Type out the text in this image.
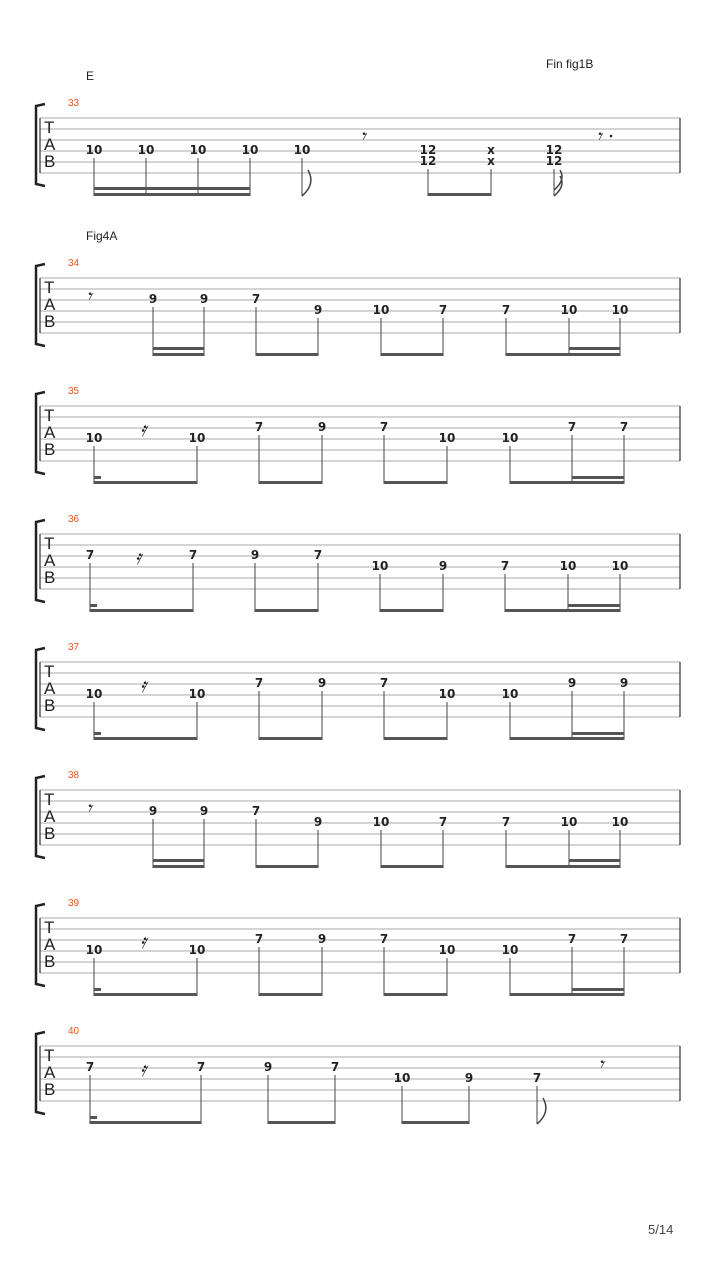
E
Fin fig1B
Fig4A
T
A
B
33
10	10	10	10	10	12
12
x
x
12
12
𝄾	𝄾
T
A
B
34
𝄾	9	9	7
9	10	7	7	10	10
T
A
B
35
𝄿
10	10
7	9	7
10	10
7	7
T
A
B
36
𝄿
7	7	9	7
10	9	7	10	10
T
A
B
37
𝄿
10	10
7	9	7
10	10
9	9
T
A
B
38
𝄾	9	9	7
9	10	7	7	10	10
T
A
B
39
𝄿
10	10
7	9	7
10	10
7	7
T
A
B
40
𝄿	𝄾
7	7	9	7
10	9	7
5/14
